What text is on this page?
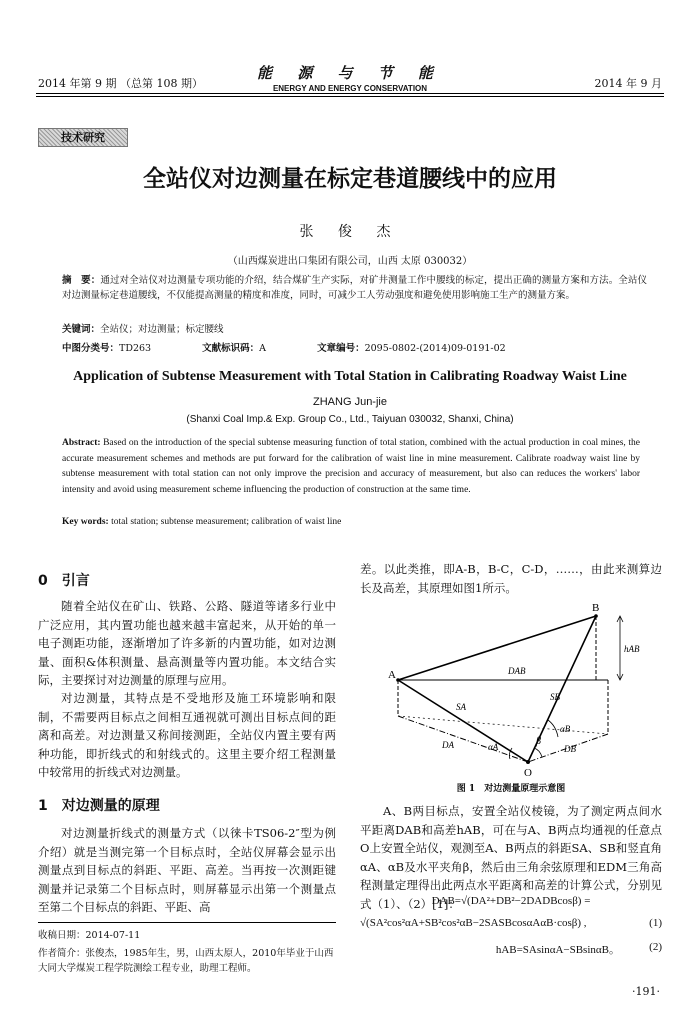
2014 年第 9 期 （总第 108 期）
能 源 与 节 能
ENERGY AND ENERGY CONSERVATION	2014 年 9 月
技术研究
全站仪对边测量在标定巷道腰线中的应用
张 俊 杰
（山西煤炭进出口集团有限公司，山西 太原 030032）
摘　要：通过对全站仪对边测量专项功能的介绍，结合煤矿生产实际，对矿井测量工作中腰线的标定，提出正确的测量方案和方法。全站仪对边测量标定巷道腰线，不仅能提高测量的精度和准度，同时，可减少工人劳动强度和避免使用影响施工生产的测量方案。
关键词：全站仪；对边测量；标定腰线
中图分类号：TD263	文献标识码：A	文章编号：2095-0802-(2014)09-0191-02
Application of Subtense Measurement with Total Station in Calibrating Roadway Waist Line
ZHANG Jun-jie
(Shanxi Coal Imp.& Exp. Group Co., Ltd., Taiyuan 030032, Shanxi, China)
Abstract: Based on the introduction of the special subtense measuring function of total station, combined with the actual production in coal mines, the accurate measurement schemes and methods are put forward for the calibration of waist line in mine measurement. Calibrate roadway waist line by subtense measurement with total station can not only improve the precision and accuracy of measurement, but also can reduces the workers' labor intensity and avoid using measurement scheme influencing the production of construction at the same time.
Key words: total station; subtense measurement; calibration of waist line
0　引言
随着全站仪在矿山、铁路、公路、隧道等诸多行业中广泛应用，其内置功能也越来越丰富起来，从开始的单一电子测距功能，逐渐增加了许多新的内置功能，如对边测量、面积&体积测量、悬高测量等内置功能。本文结合实际，主要探讨对边测量的原理与应用。
对边测量，其特点是不受地形及施工环境影响和限制，不需要两目标点之间相互通视就可测出目标点间的距离和高差。对边测量又称间接测距，全站仪内置主要有两种功能，即折线式的和射线式的。这里主要介绍工程测量中较常用的折线式对边测量。
1　对边测量的原理
对边测量折线式的测量方式（以徕卡TS06-2″型为例介绍）就是当测完第一个目标点时，全站仪屏幕会显示出测量点到目标点的斜距、平距、高差。当再按一次测距键测量并记录第二个目标点时，则屏幕显示出第一个测量点至第二个目标点的斜距、平距、高
收稿日期：2014-07-11
作者简介：张俊杰，1985年生，男，山西太原人，2010年毕业于山西大同大学煤炭工程学院测绘工程专业，助理工程师。
差。以此类推，即A-B，B-C，C-D，……，由此来测算边长及高差，其原理如图1所示。
A
B
O
DAB
hAB
SA
SB
DA	DB
αA
αB
β
图 1　对边测量原理示意图
A、B两目标点，安置全站仪棱镜，为了测定两点间水平距离DAB和高差hAB，可在与A、B两点均通视的任意点O上安置全站仪，观测至A、B两点的斜距SA、SB和竖直角αA、αB及水平夹角β，然后由三角余弦原理和EDM三角高程测量定理得出此两点水平距离和高差的计算公式，分别见式（1）、（2）[1]：
DAB=√(DA²+DB²−2DADBcosβ) =
√(SA²cos²αA+SB²cos²αB−2SASBcosαAαB·cosβ) ,	(1)
hAB=SAsinαA−SBsinαB。	(2)
·191·
